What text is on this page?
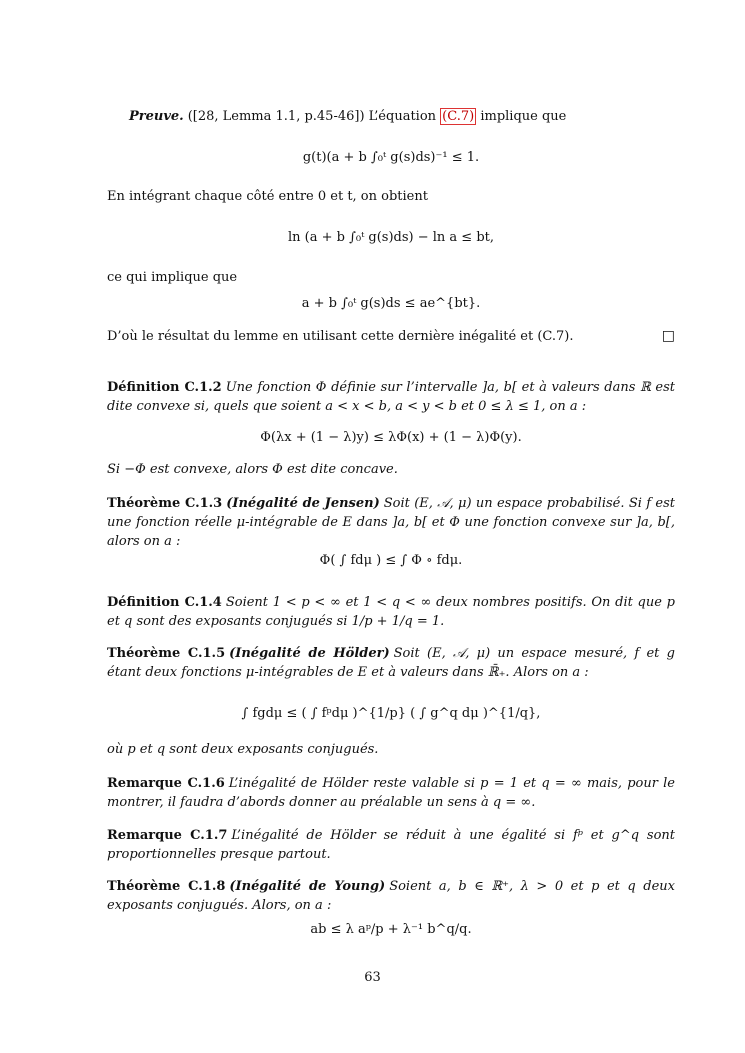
Preuve. ([28, Lemma 1.1, p.45-46]) L’équation (C.7) implique que
g(t)(a + b ∫₀ᵗ g(s)ds)⁻¹ ≤ 1.
En intégrant chaque côté entre 0 et t, on obtient
ln (a + b ∫₀ᵗ g(s)ds) − ln a ≤ bt,
ce qui implique que
a + b ∫₀ᵗ g(s)ds ≤ ae^{bt}.
D’où le résultat du lemme en utilisant cette dernière inégalité et (C.7).	□
Définition C.1.2 Une fonction Φ définie sur l’intervalle ]a, b[ et à valeurs dans ℝ est dite convexe si, quels que soient a < x < b, a < y < b et 0 ≤ λ ≤ 1, on a :
Φ(λx + (1 − λ)y) ≤ λΦ(x) + (1 − λ)Φ(y).
Si −Φ est convexe, alors Φ est dite concave.
Théorème C.1.3 (Inégalité de Jensen) Soit (E, 𝒜, μ) un espace probabilisé. Si f est une fonction réelle μ-intégrable de E dans ]a, b[ et Φ une fonction convexe sur ]a, b[, alors on a :
Φ( ∫ fdμ ) ≤ ∫ Φ ∘ fdμ.
Définition C.1.4 Soient 1 < p < ∞ et 1 < q < ∞ deux nombres positifs. On dit que p et q sont des exposants conjugués si 1/p + 1/q = 1.
Théorème C.1.5 (Inégalité de Hölder) Soit (E, 𝒜, μ) un espace mesuré, f et g étant deux fonctions μ-intégrables de E et à valeurs dans ℝ̄₊. Alors on a :
∫ fgdμ ≤ ( ∫ fᵖdμ )^{1/p} ( ∫ g^q dμ )^{1/q},
où p et q sont deux exposants conjugués.
Remarque C.1.6 L’inégalité de Hölder reste valable si p = 1 et q = ∞ mais, pour le montrer, il faudra d’abords donner au préalable un sens à q = ∞.
Remarque C.1.7 L’inégalité de Hölder se réduit à une égalité si fᵖ et g^q sont proportionnelles presque partout.
Théorème C.1.8 (Inégalité de Young) Soient a, b ∈ ℝ⁺, λ > 0 et p et q deux exposants conjugués. Alors, on a :
ab ≤ λ aᵖ/p + λ⁻¹ b^q/q.
63
